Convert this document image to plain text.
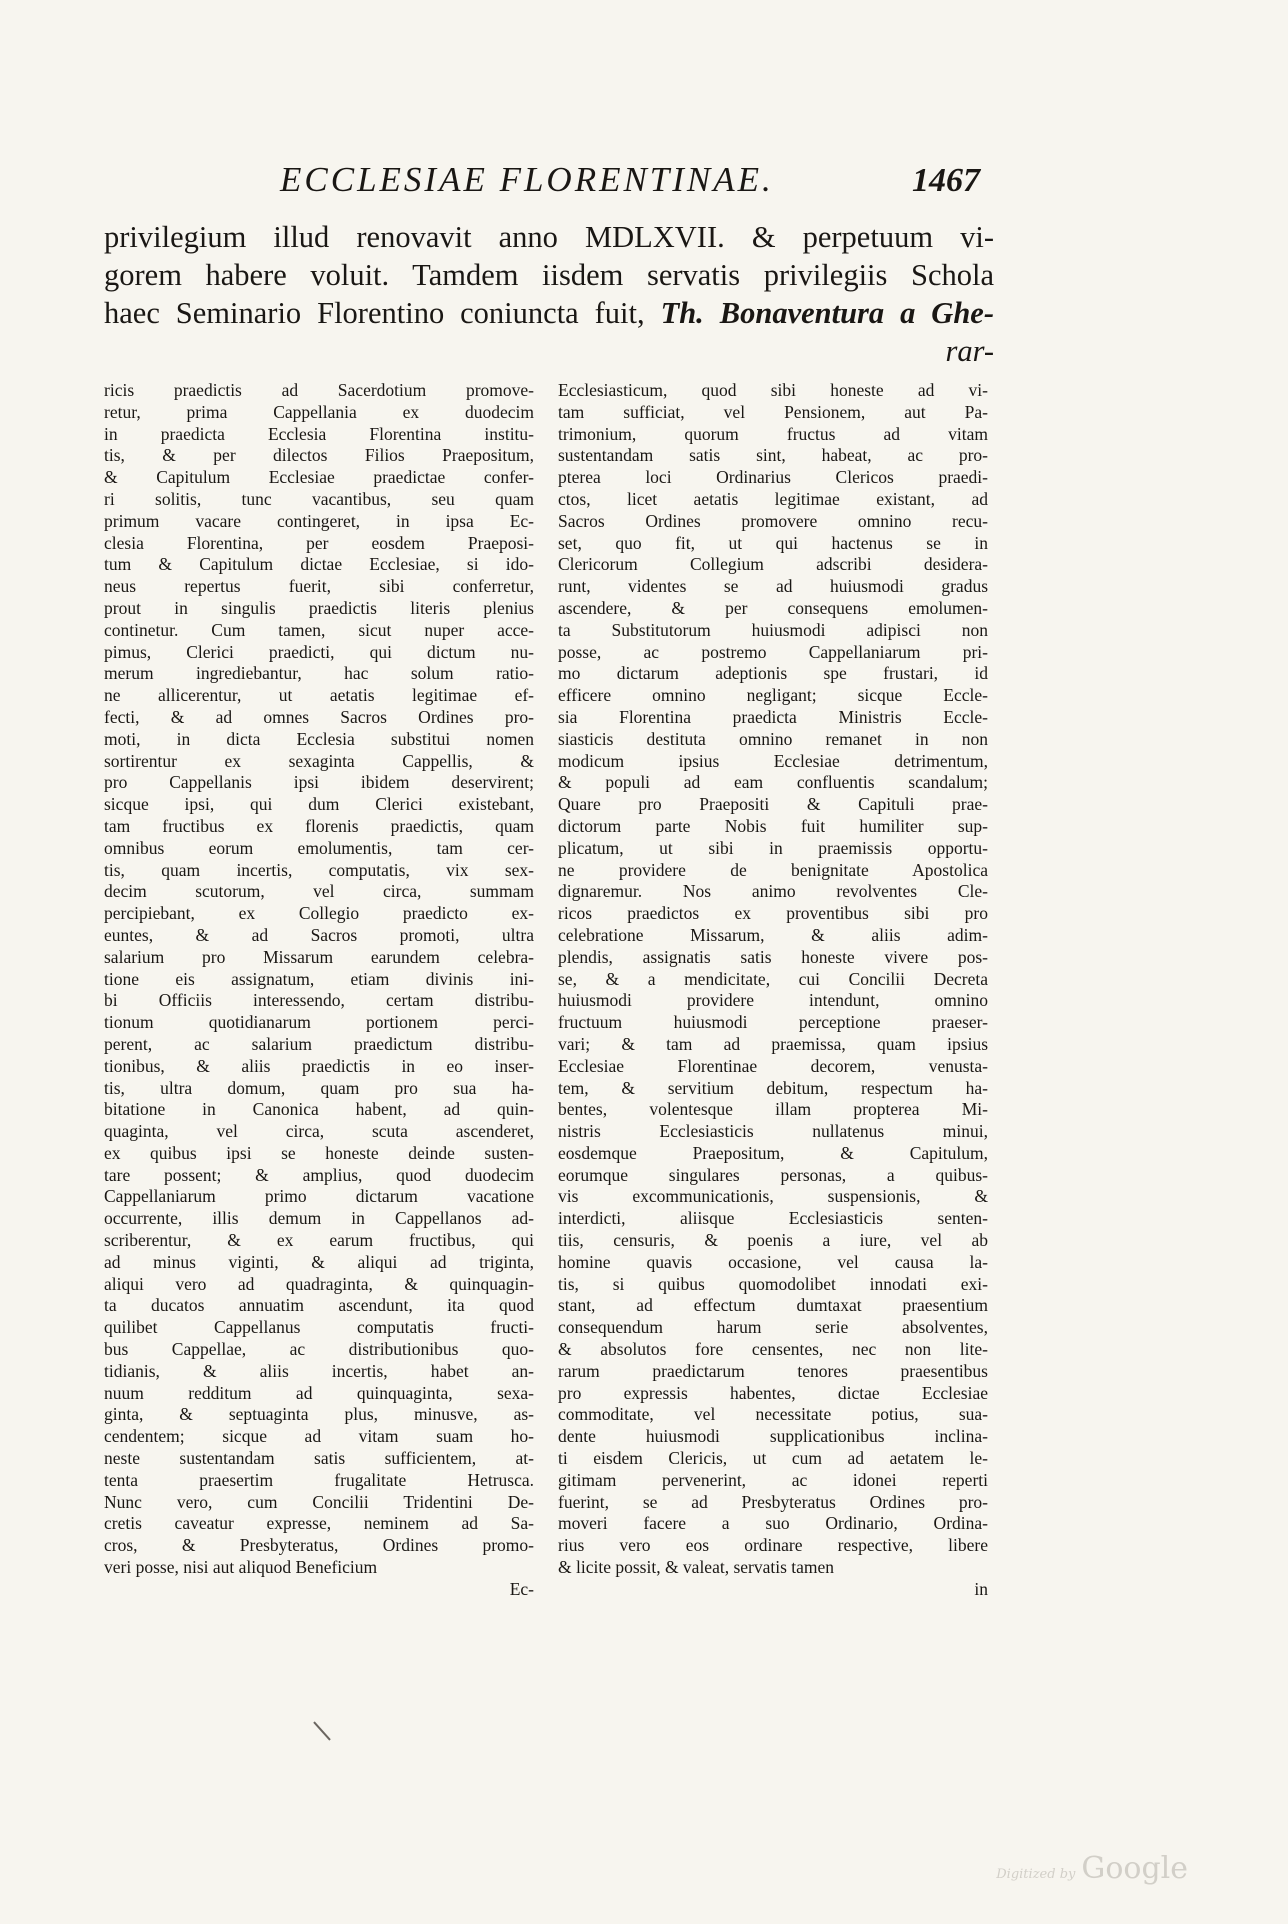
ECCLESIAE FLORENTINAE.	1467
privilegium illud renovavit anno MDLXVII. & perpetuum vi-
gorem habere voluit. Tamdem iisdem servatis privilegiis Schola
haec Seminario Florentino coniuncta fuit, Th. Bonaventura a Ghe-
rar-
ricis praedictis ad Sacerdotium promove-
retur, prima Cappellania ex duodecim
in praedicta Ecclesia Florentina institu-
tis, & per dilectos Filios Praepositum,
& Capitulum Ecclesiae praedictae confer-
ri solitis, tunc vacantibus, seu quam
primum vacare contingeret, in ipsa Ec-
clesia Florentina, per eosdem Praeposi-
tum & Capitulum dictae Ecclesiae, si ido-
neus repertus fuerit, sibi conferretur,
prout in singulis praedictis literis plenius
continetur. Cum tamen, sicut nuper acce-
pimus, Clerici praedicti, qui dictum nu-
merum ingrediebantur, hac solum ratio-
ne allicerentur, ut aetatis legitimae ef-
fecti, & ad omnes Sacros Ordines pro-
moti, in dicta Ecclesia substitui nomen
sortirentur ex sexaginta Cappellis, &
pro Cappellanis ipsi ibidem deservirent;
sicque ipsi, qui dum Clerici existebant,
tam fructibus ex florenis praedictis, quam
omnibus eorum emolumentis, tam cer-
tis, quam incertis, computatis, vix sex-
decim scutorum, vel circa, summam
percipiebant, ex Collegio praedicto ex-
euntes, & ad Sacros promoti, ultra
salarium pro Missarum earundem celebra-
tione eis assignatum, etiam divinis ini-
bi Officiis interessendo, certam distribu-
tionum quotidianarum portionem perci-
perent, ac salarium praedictum distribu-
tionibus, & aliis praedictis in eo inser-
tis, ultra domum, quam pro sua ha-
bitatione in Canonica habent, ad quin-
quaginta, vel circa, scuta ascenderet,
ex quibus ipsi se honeste deinde susten-
tare possent; & amplius, quod duodecim
Cappellaniarum primo dictarum vacatione
occurrente, illis demum in Cappellanos ad-
scriberentur, & ex earum fructibus, qui
ad minus viginti, & aliqui ad triginta,
aliqui vero ad quadraginta, & quinquagin-
ta ducatos annuatim ascendunt, ita quod
quilibet Cappellanus computatis fructi-
bus Cappellae, ac distributionibus quo-
tidianis, & aliis incertis, habet an-
nuum redditum ad quinquaginta, sexa-
ginta, & septuaginta plus, minusve, as-
cendentem; sicque ad vitam suam ho-
neste sustentandam satis sufficientem, at-
tenta praesertim frugalitate Hetrusca.
Nunc vero, cum Concilii Tridentini De-
cretis caveatur expresse, neminem ad Sa-
cros, & Presbyteratus, Ordines promo-
veri posse, nisi aut aliquod Beneficium
Ec-
Ecclesiasticum, quod sibi honeste ad vi-
tam sufficiat, vel Pensionem, aut Pa-
trimonium, quorum fructus ad vitam
sustentandam satis sint, habeat, ac pro-
pterea loci Ordinarius Clericos praedi-
ctos, licet aetatis legitimae existant, ad
Sacros Ordines promovere omnino recu-
set, quo fit, ut qui hactenus se in
Clericorum Collegium adscribi desidera-
runt, videntes se ad huiusmodi gradus
ascendere, & per consequens emolumen-
ta Substitutorum huiusmodi adipisci non
posse, ac postremo Cappellaniarum pri-
mo dictarum adeptionis spe frustari, id
efficere omnino negligant; sicque Eccle-
sia Florentina praedicta Ministris Eccle-
siasticis destituta omnino remanet in non
modicum ipsius Ecclesiae detrimentum,
& populi ad eam confluentis scandalum;
Quare pro Praepositi & Capituli prae-
dictorum parte Nobis fuit humiliter sup-
plicatum, ut sibi in praemissis opportu-
ne providere de benignitate Apostolica
dignaremur. Nos animo revolventes Cle-
ricos praedictos ex proventibus sibi pro
celebratione Missarum, & aliis adim-
plendis, assignatis satis honeste vivere pos-
se, & a mendicitate, cui Concilii Decreta
huiusmodi providere intendunt, omnino
fructuum huiusmodi perceptione praeser-
vari; & tam ad praemissa, quam ipsius
Ecclesiae Florentinae decorem, venusta-
tem, & servitium debitum, respectum ha-
bentes, volentesque illam propterea Mi-
nistris Ecclesiasticis nullatenus minui,
eosdemque Praepositum, & Capitulum,
eorumque singulares personas, a quibus-
vis excommunicationis, suspensionis, &
interdicti, aliisque Ecclesiasticis senten-
tiis, censuris, & poenis a iure, vel ab
homine quavis occasione, vel causa la-
tis, si quibus quomodolibet innodati exi-
stant, ad effectum dumtaxat praesentium
consequendum harum serie absolventes,
& absolutos fore censentes, nec non lite-
rarum praedictarum tenores praesentibus
pro expressis habentes, dictae Ecclesiae
commoditate, vel necessitate potius, sua-
dente huiusmodi supplicationibus inclina-
ti eisdem Clericis, ut cum ad aetatem le-
gitimam pervenerint, ac idonei reperti
fuerint, se ad Presbyteratus Ordines pro-
moveri facere a suo Ordinario, Ordina-
rius vero eos ordinare respective, libere
& licite possit, & valeat, servatis tamen
in
Digitized by Google
